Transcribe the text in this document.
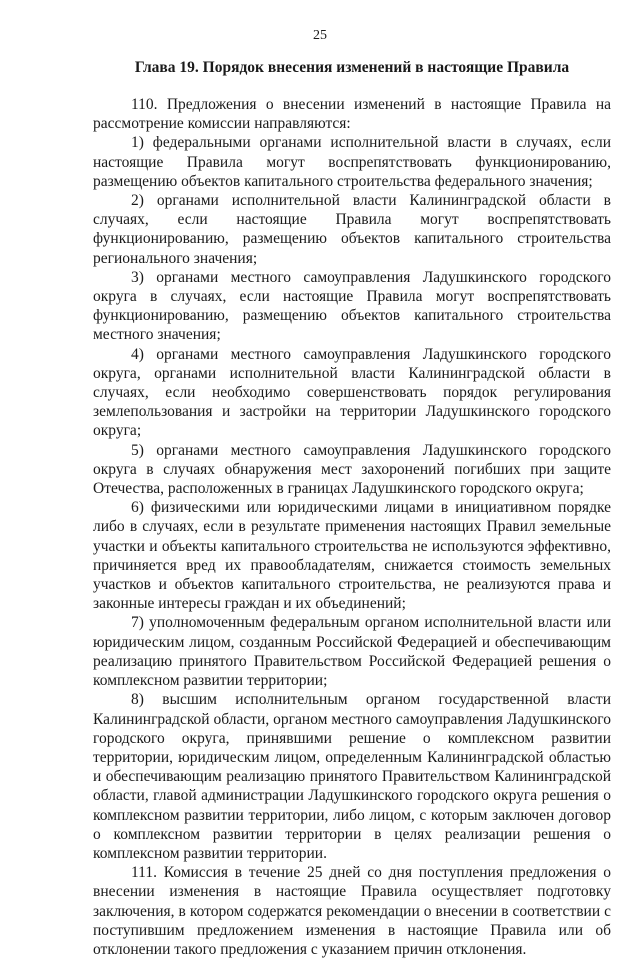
25
Глава 19. Порядок внесения изменений в настоящие Правила

110. Предложения о внесении изменений в настоящие Правила на рассмотрение комиссии направляются:

1) федеральными органами исполнительной власти в случаях, если настоящие Правила могут воспрепятствовать функционированию, размещению объектов капитального строительства федерального значения;

2) органами исполнительной власти Калининградской области в случаях, если настоящие Правила могут воспрепятствовать функционированию, размещению объектов капитального строительства регионального значения;

3) органами местного самоуправления Ладушкинского городского округа в случаях, если настоящие Правила могут воспрепятствовать функционированию, размещению объектов капитального строительства местного значения;

4) органами местного самоуправления Ладушкинского городского округа, органами исполнительной власти Калининградской области в случаях, если необходимо совершенствовать порядок регулирования землепользования и застройки на территории Ладушкинского городского округа;

5) органами местного самоуправления Ладушкинского городского округа в случаях обнаружения мест захоронений погибших при защите Отечества, расположенных в границах Ладушкинского городского округа;

6) физическими или юридическими лицами в инициативном порядке либо в случаях, если в результате применения настоящих Правил земельные участки и объекты капитального строительства не используются эффективно, причиняется вред их правообладателям, снижается стоимость земельных участков и объектов капитального строительства, не реализуются права и законные интересы граждан и их объединений;

7) уполномоченным федеральным органом исполнительной власти или юридическим лицом, созданным Российской Федерацией и обеспечивающим реализацию принятого Правительством Российской Федерацией решения о комплексном развитии территории;

8) высшим исполнительным органом государственной власти Калининградской области, органом местного самоуправления Ладушкинского городского округа, принявшими решение о комплексном развитии территории, юридическим лицом, определенным Калининградской областью и обеспечивающим реализацию принятого Правительством Калининградской области, главой администрации Ладушкинского городского округа решения о комплексном развитии территории, либо лицом, с которым заключен договор о комплексном развитии территории в целях реализации решения о комплексном развитии территории.

111. Комиссия в течение 25 дней со дня поступления предложения о внесении изменения в настоящие Правила осуществляет подготовку заключения, в котором содержатся рекомендации о внесении в соответствии с поступившим предложением изменения в настоящие Правила или об отклонении такого предложения с указанием причин отклонения.
